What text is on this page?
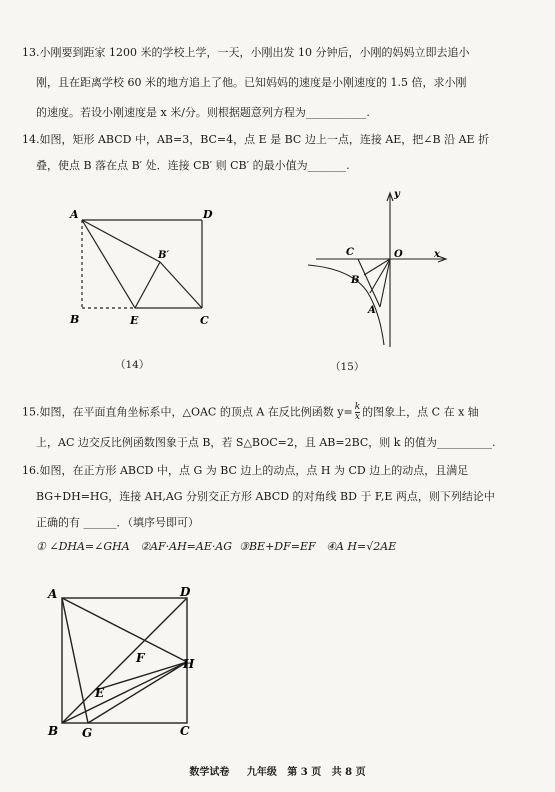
13.小刚要到距家 1200 米的学校上学，一天，小刚出发 10 分钟后，小刚的妈妈立即去追小
刚，且在距离学校 60 米的地方追上了他。已知妈妈的速度是小刚速度的 1.5 倍，求小刚
的速度。若设小刚速度是 x 米/分。则根据题意列方程为___________.
14.如图，矩形 ABCD 中，AB=3，BC=4，点 E 是 BC 边上一点，连接 AE，把∠B 沿 AE 折
叠，使点 B 落在点 B′ 处．连接 CB′ 则 CB′ 的最小值为_______.
A	D
B	E	C
B′
（14）
y
x
O
C
B
A
（15）
15.如图，在平面直角坐标系中，△OAC 的顶点 A 在反比例函数 $y= \frac{k}{x}$ 的图象上，点 C 在 x 轴
上，AC 边交反比例函数图象于点 B，若 S△BOC=2，且 AB=2BC，则 k 的值为__________.
16.如图，在正方形 ABCD 中，点 G 为 BC 边上的动点，点 H 为 CD 边上的动点，且满足
BG+DH=HG，连接 AH,AG 分别交正方形 ABCD 的对角线 BD 于 F,E 两点，则下列结论中
正确的有 ______．（填序号即可）
① ∠DHA=∠GHA ②AF·AH=AE·AG ③BE+DF=EF ④A H=√2AE
A	D
F	H
E
B G	C
数学试卷 九年级 第 3 页 共 8 页
